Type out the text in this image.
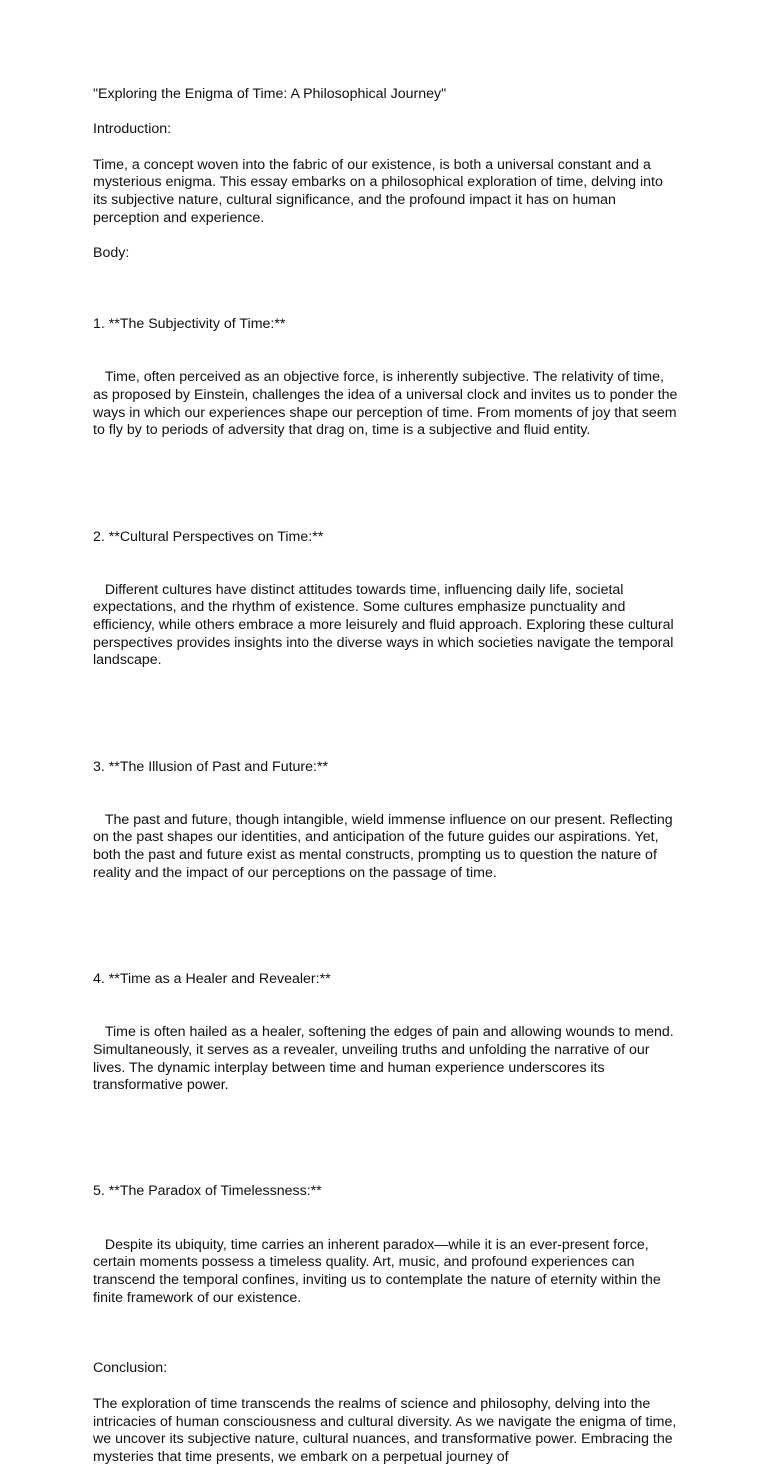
"Exploring the Enigma of Time: A Philosophical Journey"

Introduction:

Time, a concept woven into the fabric of our existence, is both a universal constant and a mysterious enigma. This essay embarks on a philosophical exploration of time, delving into its subjective nature, cultural significance, and the profound impact it has on human perception and experience.

Body:

1. **The Subjectivity of Time:**

Time, often perceived as an objective force, is inherently subjective. The relativity of time, as proposed by Einstein, challenges the idea of a universal clock and invites us to ponder the ways in which our experiences shape our perception of time. From moments of joy that seem to fly by to periods of adversity that drag on, time is a subjective and fluid entity.

2. **Cultural Perspectives on Time:**

Different cultures have distinct attitudes towards time, influencing daily life, societal expectations, and the rhythm of existence. Some cultures emphasize punctuality and efficiency, while others embrace a more leisurely and fluid approach. Exploring these cultural perspectives provides insights into the diverse ways in which societies navigate the temporal landscape.

3. **The Illusion of Past and Future:**

The past and future, though intangible, wield immense influence on our present. Reflecting on the past shapes our identities, and anticipation of the future guides our aspirations. Yet, both the past and future exist as mental constructs, prompting us to question the nature of reality and the impact of our perceptions on the passage of time.

4. **Time as a Healer and Revealer:**

Time is often hailed as a healer, softening the edges of pain and allowing wounds to mend. Simultaneously, it serves as a revealer, unveiling truths and unfolding the narrative of our lives. The dynamic interplay between time and human experience underscores its transformative power.

5. **The Paradox of Timelessness:**

Despite its ubiquity, time carries an inherent paradox—while it is an ever-present force, certain moments possess a timeless quality. Art, music, and profound experiences can transcend the temporal confines, inviting us to contemplate the nature of eternity within the finite framework of our existence.

Conclusion:

The exploration of time transcends the realms of science and philosophy, delving into the intricacies of human consciousness and cultural diversity. As we navigate the enigma of time, we uncover its subjective nature, cultural nuances, and transformative power. Embracing the mysteries that time presents, we embark on a perpetual journey of
